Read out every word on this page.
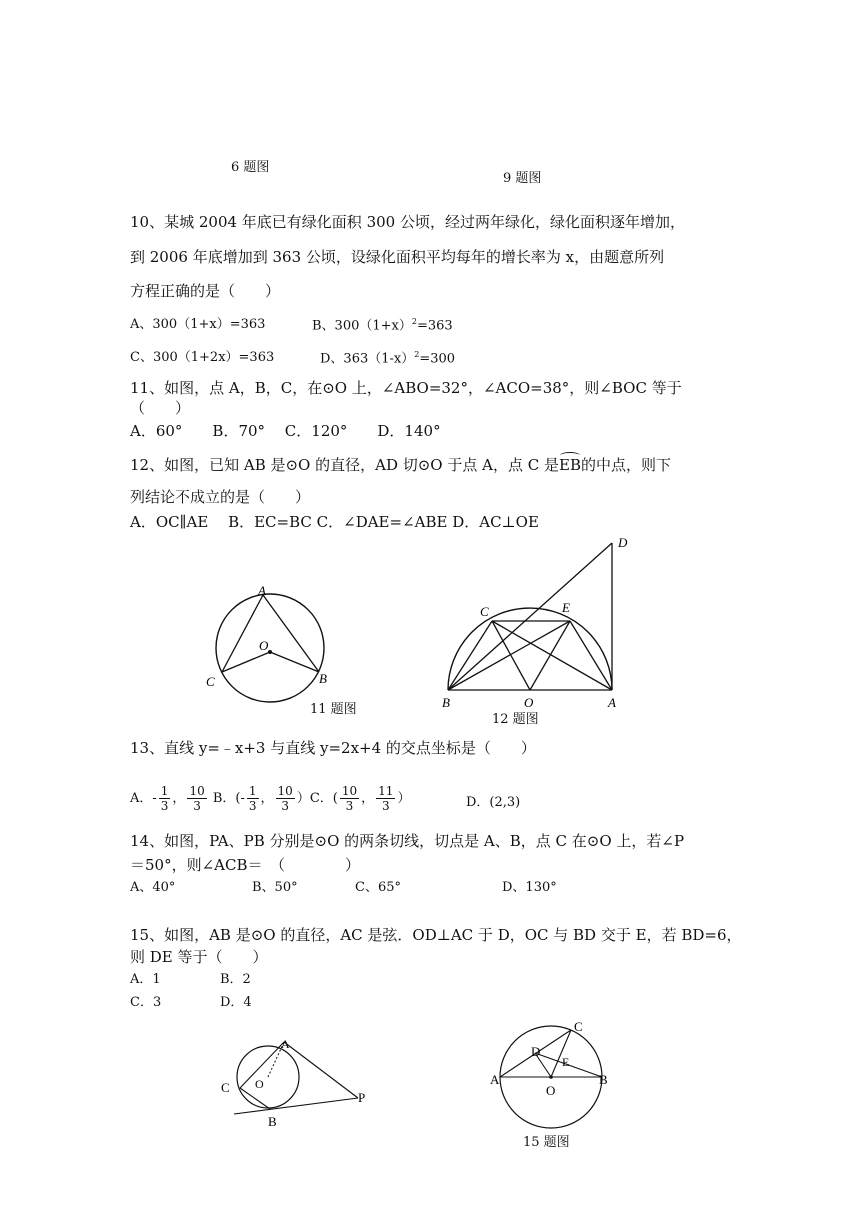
6 题图
9 题图
10、某城 2004 年底已有绿化面积 300 公顷，经过两年绿化，绿化面积逐年增加，
到 2006 年底增加到 363 公顷，设绿化面积平均每年的增长率为 x，由题意所列
方程正确的是（　　）
A、300（1+x）=363	B、$300(1+x)^2=363$
C、300（1+2x）=363	D、$363(1-x)^2=300$
11、如图，点 A，B，C，在⊙O 上，∠ABO=32°，∠ACO=38°，则∠BOC 等于
（　　）
A．60°　　B．70°　 C．120°　　D．140°
12、如图，已知 AB 是⊙O 的直径，AD 切⊙O 于点 A，点 C 是EB的中点，则下
列结论不成立的是（　　）
A．OC∥AE　 B．EC=BC C．∠DAE=∠ABE D．AC⊥OE
A
O
C	B
11 题图
D
C	E
B	O	A
12 题图
13、直线 y=﹣x+3 与直线 y=2x+4 的交点坐标是（　　）
A．- $\frac{1}{3}$ ， $\frac{10}{3}$ B．(- $\frac{1}{3}$ ， $\frac{10}{3} )C$．( $\frac{10}{3}$ ， $\frac{11}{3}$ ）	D．(2,3)
14、如图，PA、PB 分别是⊙O 的两条切线，切点是 A、B，点 C 在⊙O 上，若∠P
＝50°，则∠ACB＝　（　　　　）
A、40°	B、50°	C、65°	D、130°
15、如图，AB 是⊙O 的直径，AC 是弦．OD⊥AC 于 D，OC 与 BD 交于 E，若 BD=6，
则 DE 等于（　　）
A．1	B．2
C．3	D．4
A
C O
B
P
C
D
E
A	B
O
15 题图
